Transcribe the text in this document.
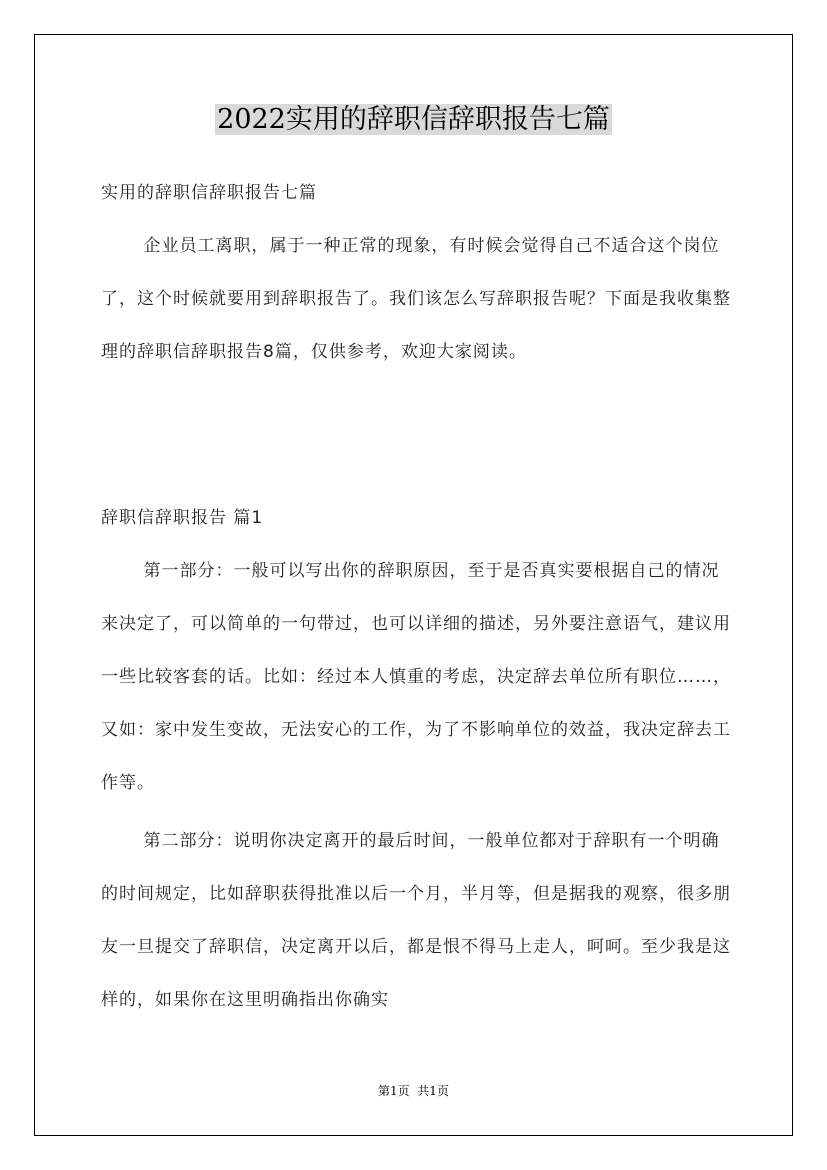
2022实用的辞职信辞职报告七篇

实用的辞职信辞职报告七篇

企业员工离职，属于一种正常的现象，有时候会觉得自己不适合这个岗位了，这个时候就要用到辞职报告了。我们该怎么写辞职报告呢？下面是我收集整理的辞职信辞职报告8篇，仅供参考，欢迎大家阅读。

辞职信辞职报告 篇1

第一部分：一般可以写出你的辞职原因，至于是否真实要根据自己的情况来决定了，可以简单的一句带过，也可以详细的描述，另外要注意语气，建议用一些比较客套的话。比如：经过本人慎重的考虑，决定辞去单位所有职位……，又如：家中发生变故，无法安心的工作，为了不影响单位的效益，我决定辞去工作等。

第二部分：说明你决定离开的最后时间，一般单位都对于辞职有一个明确的时间规定，比如辞职获得批准以后一个月，半月等，但是据我的观察，很多朋友一旦提交了辞职信，决定离开以后，都是恨不得马上走人，呵呵。至少我是这样的，如果你在这里明确指出你确实

第1页  共1页
